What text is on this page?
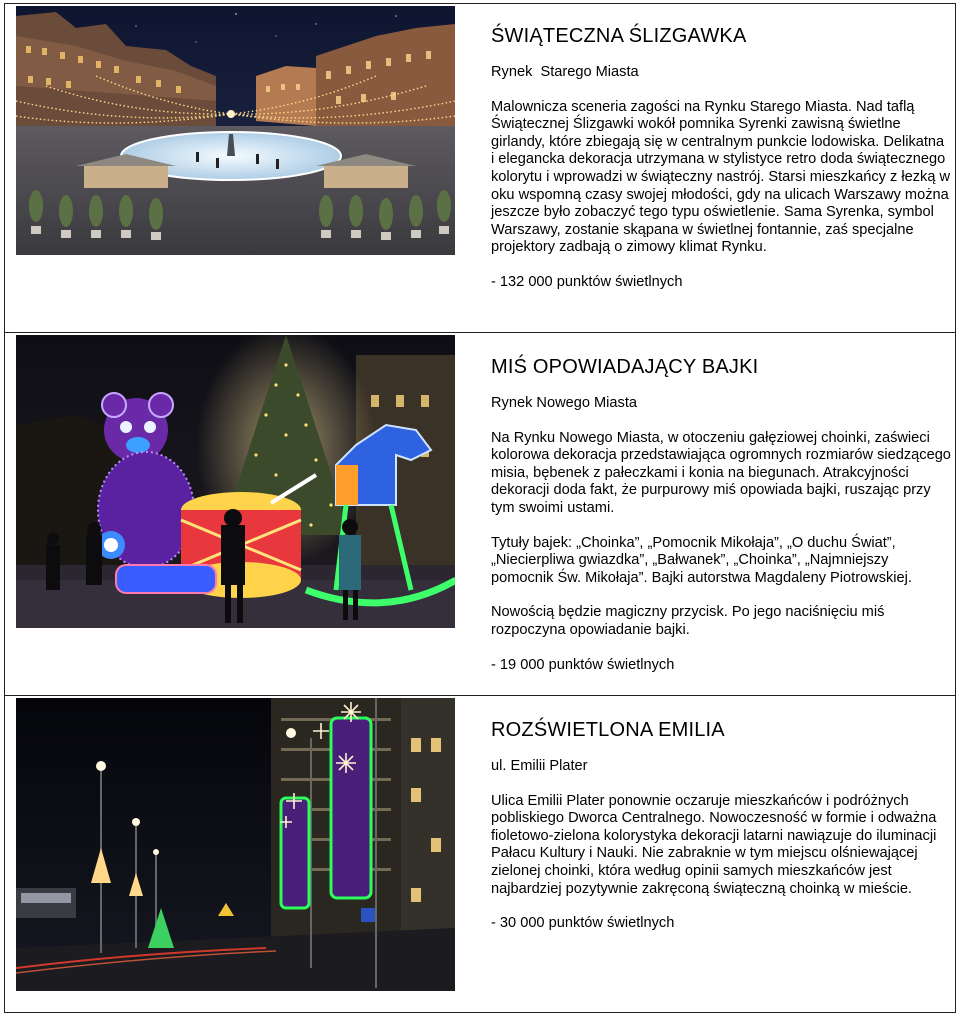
ŚWIĄTECZNA ŚLIZGAWKA

Rynek  Starego Miasta

Malownicza sceneria zagości na Rynku Starego Miasta. Nad taflą Świątecznej Ślizgawki wokół pomnika Syrenki zawisną świetlne girlandy, które zbiegają się w centralnym punkcie lodowiska. Delikatna i elegancka dekoracja utrzymana w stylistyce retro doda świątecznego kolorytu i wprowadzi w świąteczny nastrój. Starsi mieszkańcy z łezką w oku wspomną czasy swojej młodości, gdy na ulicach Warszawy można jeszcze było zobaczyć tego typu oświetlenie. Sama Syrenka, symbol Warszawy, zostanie skąpana w świetlnej fontannie, zaś specjalne projektory zadbają o zimowy klimat Rynku.

- 132 000 punktów świetlnych

MIŚ OPOWIADAJĄCY BAJKI

Rynek Nowego Miasta

Na Rynku Nowego Miasta, w otoczeniu gałęziowej choinki, zaświeci kolorowa dekoracja przedstawiająca ogromnych rozmiarów siedzącego misia, bębenek z pałeczkami i konia na biegunach. Atrakcyjności dekoracji doda fakt, że purpurowy miś opowiada bajki, ruszając przy tym swoimi ustami.

Tytuły bajek: „Choinka”, „Pomocnik Mikołaja”, „O duchu Świat”, „Niecierpliwa gwiazdka”, „Bałwanek”, „Choinka”, „Najmniejszy pomocnik Św. Mikołaja”. Bajki autorstwa Magdaleny Piotrowskiej.

Nowością będzie magiczny przycisk. Po jego naciśnięciu miś rozpoczyna opowiadanie bajki.

- 19 000 punktów świetlnych

ROZŚWIETLONA EMILIA

ul. Emilii Plater

Ulica Emilii Plater ponownie oczaruje mieszkańców i podróżnych pobliskiego Dworca Centralnego. Nowoczesność w formie i odważna fioletowo-zielona kolorystyka dekoracji latarni nawiązuje do iluminacji Pałacu Kultury i Nauki. Nie zabraknie w tym miejscu olśniewającej zielonej choinki, która według opinii samych mieszkańców jest najbardziej pozytywnie zakręconą świąteczną choinką w mieście.

- 30 000 punktów świetlnych
